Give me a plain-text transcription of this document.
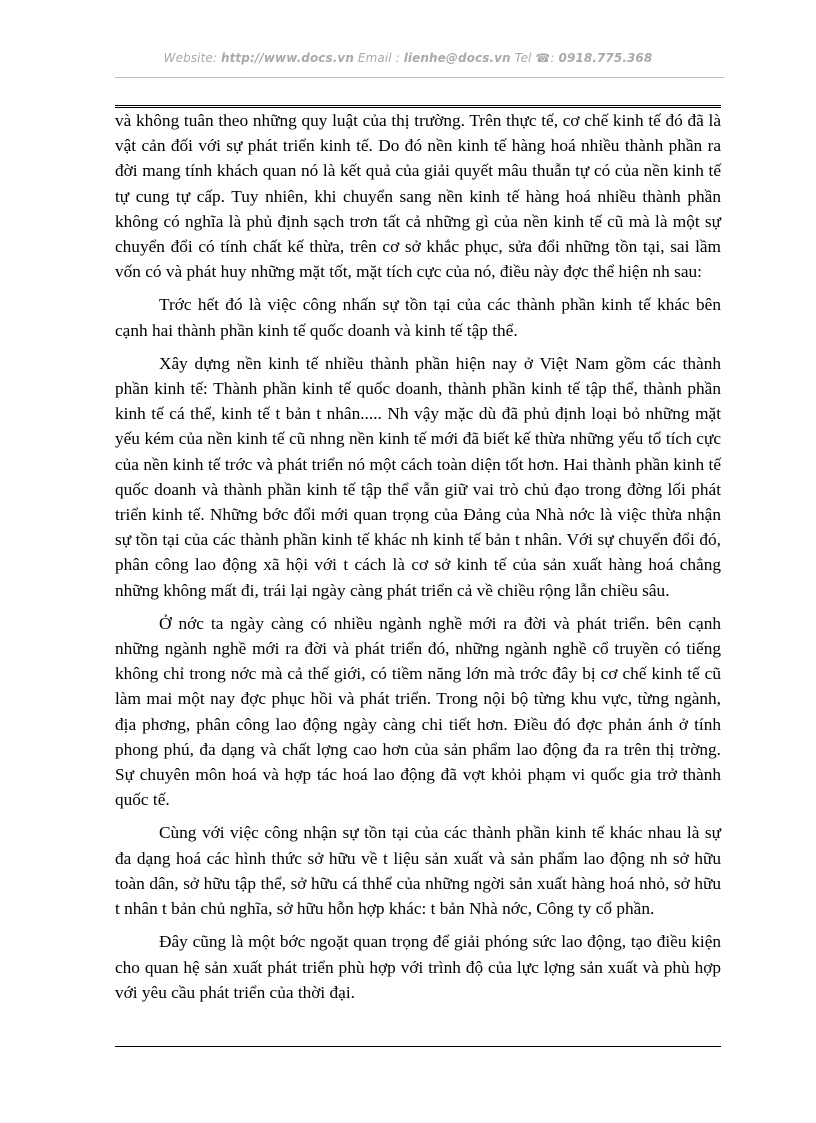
Website: http://www.docs.vn Email : lienhe@docs.vn Tel ☎: 0918.775.368

và không tuân theo những quy luật của thị trường. Trên thực tế, cơ chế kinh tế đó đã là vật cản đối với sự phát triển kinh tế. Do đó nền kinh tế hàng hoá nhiều thành phần ra đời mang tính khách quan nó là kết quả của giải quyết mâu thuẫn tự có của nền kinh tế tự cung tự cấp. Tuy nhiên, khi chuyển sang nền kinh tế hàng hoá nhiều thành phần không có nghĩa là phủ định sạch trơn tất cả những gì của nền kinh tế cũ mà là một sự chuyển đổi có tính chất kế thừa, trên cơ sở khắc phục, sửa đổi những tồn tại, sai lầm vốn có và phát huy những mặt tốt, mặt tích cực của nó, điều này đợc thể hiện nh sau:

Trớc hết đó là việc công nhấn sự tồn tại của các thành phần kinh tế khác bên cạnh hai thành phần kinh tế quốc doanh và kinh tế tập thể.

Xây dựng nền kinh tế nhiều thành phần hiện nay ở Việt Nam gồm các thành phần kinh tế: Thành phần kinh tế quốc doanh, thành phần kinh tế tập thể, thành phần kinh tế cá thể, kinh tế t bản t nhân..... Nh vậy mặc dù đã phủ định loại bỏ những mặt yếu kém của nền kinh tế cũ nhng nền kinh tế mới đã biết kế thừa những yếu tố tích cực của nền kinh tế trớc và phát triển nó một cách toàn diện tốt hơn. Hai thành phần kinh tế quốc doanh và thành phần kinh tế tập thể vẫn giữ vai trò chủ đạo trong đờng lối phát triển kinh tế. Những bớc đổi mới quan trọng của Đảng của Nhà nớc là việc thừa nhận sự tồn tại của các thành phần kinh tế khác nh kinh tế bản t nhân. Với sự chuyển đổi đó, phân công lao động xã hội với t cách là cơ sở kinh tế của sản xuất hàng hoá chẳng những không mất đi, trái lại ngày càng phát triển cả về chiều rộng lẫn chiều sâu.

Ở nớc ta ngày càng có nhiều ngành nghề mới ra đời và phát triển. bên cạnh những ngành nghề mới ra đời và phát triển đó, những ngành nghề cổ truyền có tiếng không chỉ trong nớc mà cả thế giới, có tiềm năng lớn mà trớc đây bị cơ chế kinh tế cũ làm mai một nay đợc phục hồi và phát triển. Trong nội bộ từng khu vực, từng ngành, địa phơng, phân công lao động ngày càng chi tiết hơn. Điều đó đợc phản ánh ở tính phong phú, đa dạng và chất lợng cao hơn của sản phẩm lao động đa ra trên thị trờng. Sự chuyên môn hoá và hợp tác hoá lao động đã vợt khỏi phạm vi quốc gia trở thành quốc tế.

Cùng với việc công nhận sự tồn tại của các thành phần kinh tế khác nhau là sự đa dạng hoá các hình thức sở hữu về t liệu sản xuất và sản phẩm lao động nh sở hữu toàn dân, sở hữu tập thể, sở hữu cá thhể của những ngời sản xuất hàng hoá nhỏ, sở hữu t nhân t bản chủ nghĩa, sở hữu hỗn hợp khác: t bản Nhà nớc, Công ty cổ phần.

Đây cũng là một bớc ngoặt quan trọng để giải phóng sức lao động, tạo điều kiện cho quan hệ sản xuất phát triển phù hợp với trình độ của lực lợng sản xuất và phù hợp với yêu cầu phát triển của thời đại.
